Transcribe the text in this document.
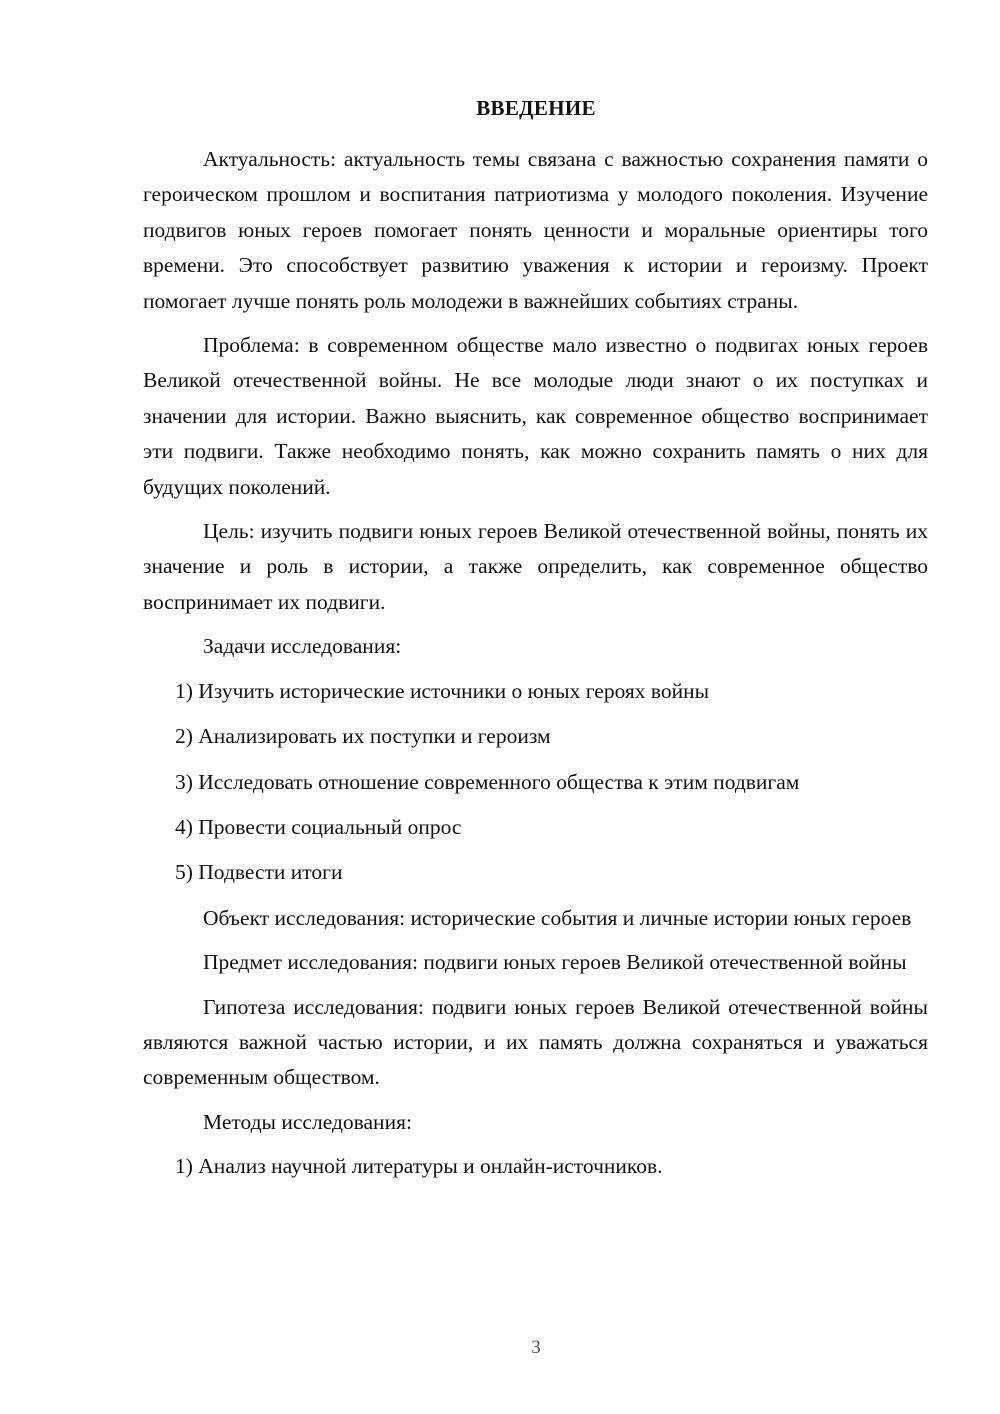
ВВЕДЕНИЕ

Актуальность: актуальность темы связана с важностью сохранения памяти о героическом прошлом и воспитания патриотизма у молодого поколения. Изучение подвигов юных героев помогает понять ценности и моральные ориентиры того времени. Это способствует развитию уважения к истории и героизму. Проект помогает лучше понять роль молодежи в важнейших событиях страны.

Проблема: в современном обществе мало известно о подвигах юных героев Великой отечественной войны. Не все молодые люди знают о их поступках и значении для истории. Важно выяснить, как современное общество воспринимает эти подвиги. Также необходимо понять, как можно сохранить память о них для будущих поколений.

Цель: изучить подвиги юных героев Великой отечественной войны, понять их значение и роль в истории, а также определить, как современное общество воспринимает их подвиги.

Задачи исследования:

1) Изучить исторические источники о юных героях войны
2) Анализировать их поступки и героизм
3) Исследовать отношение современного общества к этим подвигам
4) Провести социальный опрос
5) Подвести итоги

Объект исследования: исторические события и личные истории юных героев

Предмет исследования: подвиги юных героев Великой отечественной войны

Гипотеза исследования: подвиги юных героев Великой отечественной войны являются важной частью истории, и их память должна сохраняться и уважаться современным обществом.

Методы исследования:

1) Анализ научной литературы и онлайн-источников.
3
